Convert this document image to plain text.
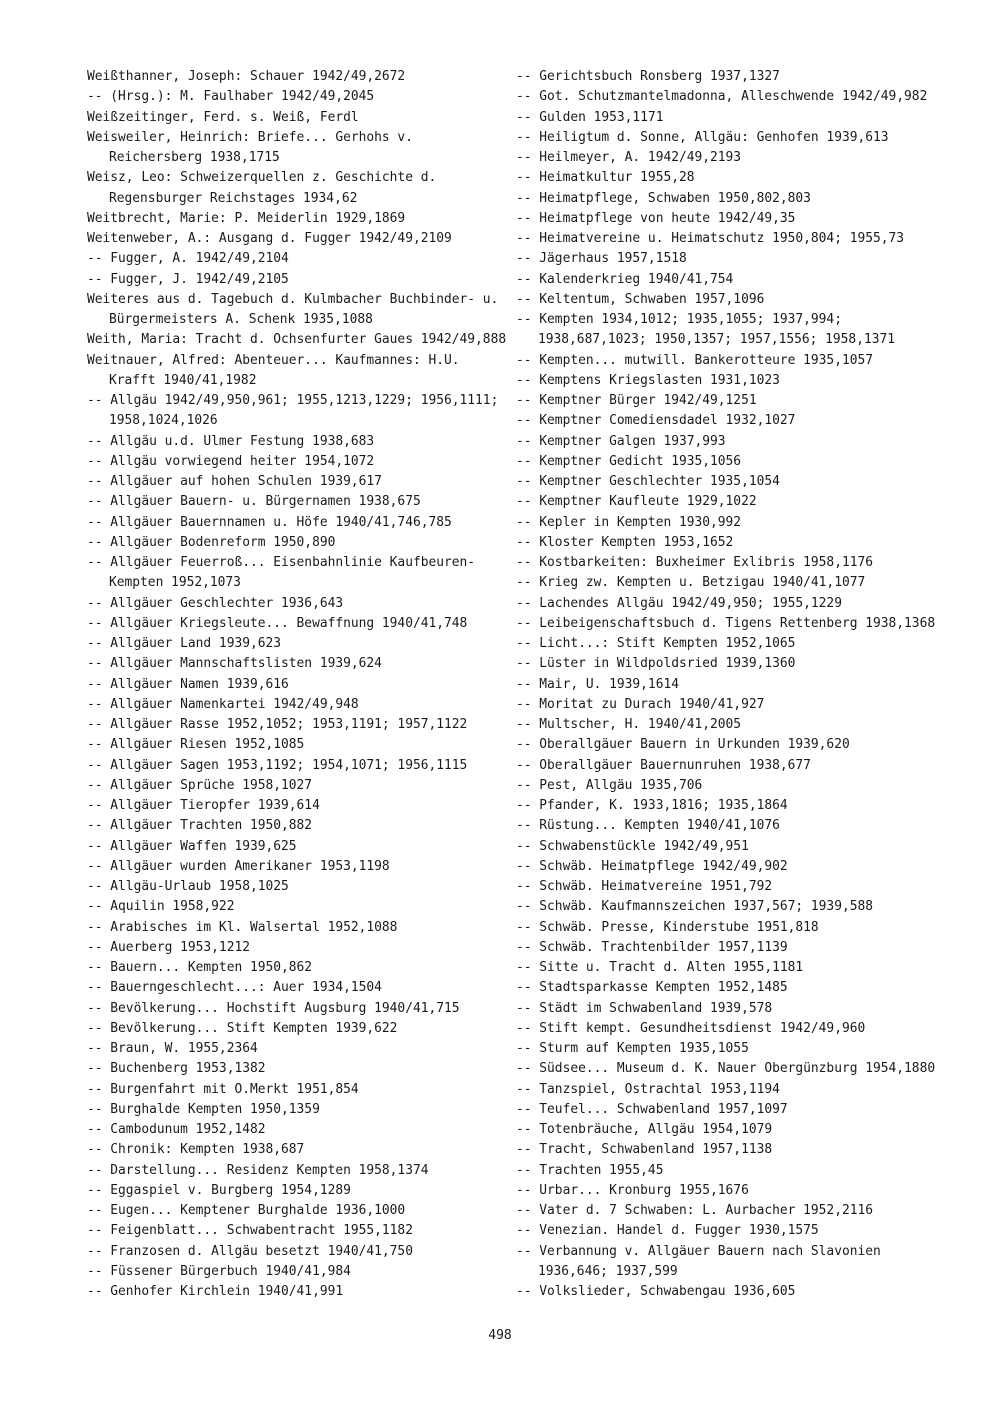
Weißthanner, Joseph: Schauer 1942/49,2672
-- (Hrsg.): M. Faulhaber 1942/49,2045
Weißzeitinger, Ferd. s. Weiß, Ferdl
Weisweiler, Heinrich: Briefe... Gerhohs v. Reichersberg 1938,1715
Weisz, Leo: Schweizerquellen z. Geschichte d. Regensburger Reichstages 1934,62
Weitbrecht, Marie: P. Meiderlin 1929,1869
Weitenweber, A.: Ausgang d. Fugger 1942/49,2109
-- Fugger, A. 1942/49,2104
-- Fugger, J. 1942/49,2105
Weiteres aus d. Tagebuch d. Kulmbacher Buchbinder- u. Bürgermeisters A. Schenk 1935,1088
Weith, Maria: Tracht d. Ochsenfurter Gaues 1942/49,888
Weitnauer, Alfred: Abenteuer... Kaufmannes: H.U. Krafft 1940/41,1982
-- Allgäu 1942/49,950,961; 1955,1213,1229; 1956,1111; 1958,1024,1026
-- Allgäu u.d. Ulmer Festung 1938,683
-- Allgäu vorwiegend heiter 1954,1072
-- Allgäuer auf hohen Schulen 1939,617
-- Allgäuer Bauern- u. Bürgernamen 1938,675
-- Allgäuer Bauernnamen u. Höfe 1940/41,746,785
-- Allgäuer Bodenreform 1950,890
-- Allgäuer Feuerroß... Eisenbahnlinie Kaufbeuren-Kempten 1952,1073
-- Allgäuer Geschlechter 1936,643
-- Allgäuer Kriegsleute... Bewaffnung 1940/41,748
-- Allgäuer Land 1939,623
-- Allgäuer Mannschaftslisten 1939,624
-- Allgäuer Namen 1939,616
-- Allgäuer Namenkartei 1942/49,948
-- Allgäuer Rasse 1952,1052; 1953,1191; 1957,1122
-- Allgäuer Riesen 1952,1085
-- Allgäuer Sagen 1953,1192; 1954,1071; 1956,1115
-- Allgäuer Sprüche 1958,1027
-- Allgäuer Tieropfer 1939,614
-- Allgäuer Trachten 1950,882
-- Allgäuer Waffen 1939,625
-- Allgäuer wurden Amerikaner 1953,1198
-- Allgäu-Urlaub 1958,1025
-- Aquilin 1958,922
-- Arabisches im Kl. Walsertal 1952,1088
-- Auerberg 1953,1212
-- Bauern... Kempten 1950,862
-- Bauerngeschlecht...: Auer 1934,1504
-- Bevölkerung... Hochstift Augsburg 1940/41,715
-- Bevölkerung... Stift Kempten 1939,622
-- Braun, W. 1955,2364
-- Buchenberg 1953,1382
-- Burgenfahrt mit O.Merkt 1951,854
-- Burghalde Kempten 1950,1359
-- Cambodunum 1952,1482
-- Chronik: Kempten 1938,687
-- Darstellung... Residenz Kempten 1958,1374
-- Eggaspiel v. Burgberg 1954,1289
-- Eugen... Kemptener Burghalde 1936,1000
-- Feigenblatt... Schwabentracht 1955,1182
-- Franzosen d. Allgäu besetzt 1940/41,750
-- Füssener Bürgerbuch 1940/41,984
-- Genhofer Kirchlein 1940/41,991
-- Gerichtsbuch Ronsberg 1937,1327
-- Got. Schutzmantelmadonna, Alleschwende 1942/49,982
-- Gulden 1953,1171
-- Heiligtum d. Sonne, Allgäu: Genhofen 1939,613
-- Heilmeyer, A. 1942/49,2193
-- Heimatkultur 1955,28
-- Heimatpflege, Schwaben 1950,802,803
-- Heimatpflege von heute 1942/49,35
-- Heimatvereine u. Heimatschutz 1950,804; 1955,73
-- Jägerhaus 1957,1518
-- Kalenderkrieg 1940/41,754
-- Keltentum, Schwaben 1957,1096
-- Kempten 1934,1012; 1935,1055; 1937,994; 1938,687,1023; 1950,1357; 1957,1556; 1958,1371
-- Kempten... mutwill. Bankerotteure 1935,1057
-- Kemptens Kriegslasten 1931,1023
-- Kemptner Bürger 1942/49,1251
-- Kemptner Comediensdadel 1932,1027
-- Kemptner Galgen 1937,993
-- Kemptner Gedicht 1935,1056
-- Kemptner Geschlechter 1935,1054
-- Kemptner Kaufleute 1929,1022
-- Kepler in Kempten 1930,992
-- Kloster Kempten 1953,1652
-- Kostbarkeiten: Buxheimer Exlibris 1958,1176
-- Krieg zw. Kempten u. Betzigau 1940/41,1077
-- Lachendes Allgäu 1942/49,950; 1955,1229
-- Leibeigenschaftsbuch d. Tigens Rettenberg 1938,1368
-- Licht...: Stift Kempten 1952,1065
-- Lüster in Wildpoldsried 1939,1360
-- Mair, U. 1939,1614
-- Moritat zu Durach 1940/41,927
-- Multscher, H. 1940/41,2005
-- Oberallgäuer Bauern in Urkunden 1939,620
-- Oberallgäuer Bauernunruhen 1938,677
-- Pest, Allgäu 1935,706
-- Pfander, K. 1933,1816; 1935,1864
-- Rüstung... Kempten 1940/41,1076
-- Schwabenstückle 1942/49,951
-- Schwäb. Heimatpflege 1942/49,902
-- Schwäb. Heimatvereine 1951,792
-- Schwäb. Kaufmannszeichen 1937,567; 1939,588
-- Schwäb. Presse, Kinderstube 1951,818
-- Schwäb. Trachtenbilder 1957,1139
-- Sitte u. Tracht d. Alten 1955,1181
-- Stadtsparkasse Kempten 1952,1485
-- Städt im Schwabenland 1939,578
-- Stift kempt. Gesundheitsdienst 1942/49,960
-- Sturm auf Kempten 1935,1055
-- Südsee... Museum d. K. Nauer Obergünzburg 1954,1880
-- Tanzspiel, Ostrachtal 1953,1194
-- Teufel... Schwabenland 1957,1097
-- Totenbräuche, Allgäu 1954,1079
-- Tracht, Schwabenland 1957,1138
-- Trachten 1955,45
-- Urbar... Kronburg 1955,1676
-- Vater d. 7 Schwaben: L. Aurbacher 1952,2116
-- Venezian. Handel d. Fugger 1930,1575
-- Verbannung v. Allgäuer Bauern nach Slavonien 1936,646; 1937,599
-- Volkslieder, Schwabengau 1936,605
498
